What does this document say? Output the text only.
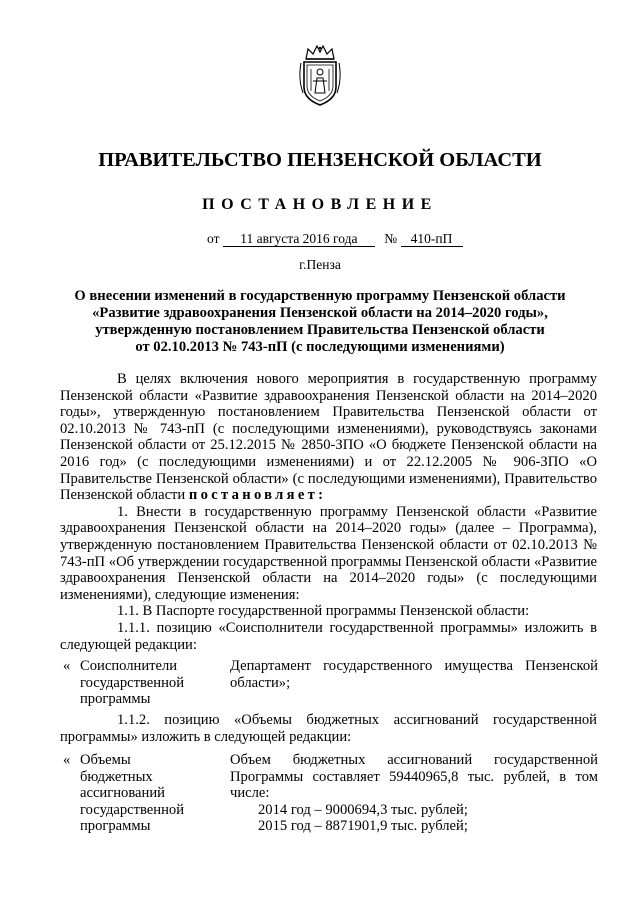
ПРАВИТЕЛЬСТВО ПЕНЗЕНСКОЙ ОБЛАСТИ
ПОСТАНОВЛЕНИЕ
от 11 августа 2016 года № 410-пП
г.Пенза
О внесении изменений в государственную программу Пензенской области
«Развитие здравоохранения Пензенской области на 2014–2020 годы»,
утвержденную постановлением Правительства Пензенской области
от 02.10.2013 № 743-пП (с последующими изменениями)

В целях включения нового мероприятия в государственную программу Пензенской области «Развитие здравоохранения Пензенской области на 2014–2020 годы», утвержденную постановлением Правительства Пензенской области от 02.10.2013 № 743-пП (с последующими изменениями), руководствуясь законами Пензенской области от 25.12.2015 № 2850-ЗПО «О бюджете Пензенской области на 2016 год» (с последующими изменениями) и от 22.12.2005 № 906-ЗПО «О Правительстве Пензенской области» (с последующими изменениями), Правительство Пензенской области постановляет:

1. Внести в государственную программу Пензенской области «Развитие здравоохранения Пензенской области на 2014–2020 годы» (далее – Программа), утвержденную постановлением Правительства Пензенской области от 02.10.2013 № 743-пП «Об утверждении государственной программы Пензенской области «Развитие здравоохранения Пензенской области на 2014–2020 годы» (с последующими изменениями), следующие изменения:

1.1. В Паспорте государственной программы Пензенской области:

1.1.1. позицию «Соисполнители государственной программы» изложить в следующей редакции:

« Соисполнители
государственной
программы
Департамент государственного имущества Пензенской области»;

1.1.2. позицию «Объемы бюджетных ассигнований государственной программы» изложить в следующей редакции:

« Объемы
бюджетных
ассигнований
государственной
программы
Объем бюджетных ассигнований государственной Программы составляет 59440965,8 тыс. рублей, в том числе:
2014 год – 9000694,3 тыс. рублей;
2015 год – 8871901,9 тыс. рублей;
